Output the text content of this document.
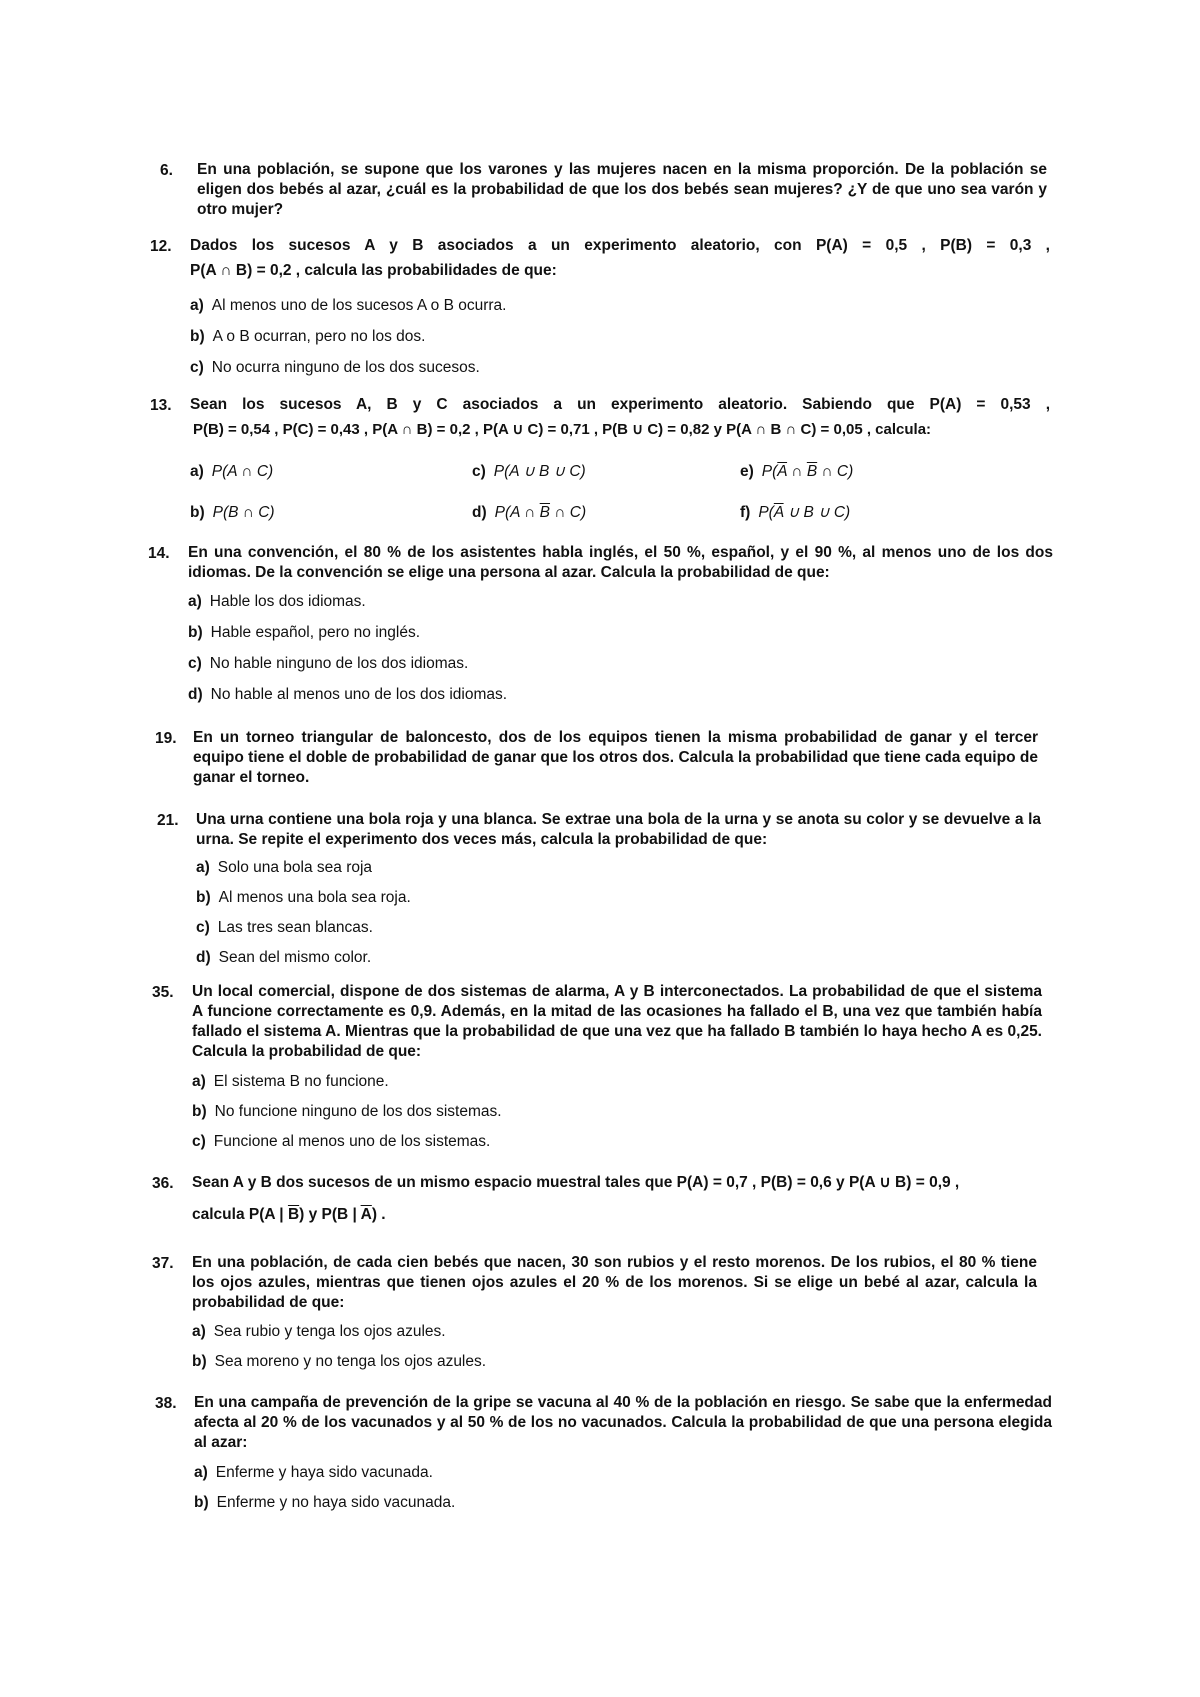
6. En una población, se supone que los varones y las mujeres nacen en la misma proporción. De la población se eligen dos bebés al azar, ¿cuál es la probabilidad de que los dos bebés sean mujeres? ¿Y de que uno sea varón y otro mujer?
12. Dados los sucesos A y B asociados a un experimento aleatorio, con P(A) = 0,5 , P(B) = 0,3 ,
P(A ∩ B) = 0,2 , calcula las probabilidades de que:
a) Al menos uno de los sucesos A o B ocurra.
b) A o B ocurran, pero no los dos.
c) No ocurra ninguno de los dos sucesos.
13. Sean los sucesos A, B y C asociados a un experimento aleatorio. Sabiendo que P(A) = 0,53 ,
P(B) = 0,54 , P(C) = 0,43 , P(A ∩ B) = 0,2 , P(A ∪ C) = 0,71 , P(B ∪ C) = 0,82 y P(A ∩ B ∩ C) = 0,05 , calcula:
a) P(A ∩ C)	c) P(A ∪ B ∪ C)	e) $P(\overline{A}$ ∩ $\overline{B}$ ∩ C)
b) P(B ∩ C)	d) P(A ∩ $\overline{B}$ ∩ C)	f) $P(\overline{A}$ ∪ B ∪ C)
14. En una convención, el 80 % de los asistentes habla inglés, el 50 %, español, y el 90 %, al menos uno de los dos idiomas. De la convención se elige una persona al azar. Calcula la probabilidad de que:
a) Hable los dos idiomas.
b) Hable español, pero no inglés.
c) No hable ninguno de los dos idiomas.
d) No hable al menos uno de los dos idiomas.
19. En un torneo triangular de baloncesto, dos de los equipos tienen la misma probabilidad de ganar y el tercer equipo tiene el doble de probabilidad de ganar que los otros dos. Calcula la probabilidad que tiene cada equipo de ganar el torneo.
21. Una urna contiene una bola roja y una blanca. Se extrae una bola de la urna y se anota su color y se devuelve a la urna. Se repite el experimento dos veces más, calcula la probabilidad de que:
a) Solo una bola sea roja
b) Al menos una bola sea roja.
c) Las tres sean blancas.
d) Sean del mismo color.
35. Un local comercial, dispone de dos sistemas de alarma, A y B interconectados. La probabilidad de que el sistema A funcione correctamente es 0,9. Además, en la mitad de las ocasiones ha fallado el B, una vez que también había fallado el sistema A. Mientras que la probabilidad de que una vez que ha fallado B también lo haya hecho A es 0,25. Calcula la probabilidad de que:
a) El sistema B no funcione.
b) No funcione ninguno de los dos sistemas.
c) Funcione al menos uno de los sistemas.
36. Sean A y B dos sucesos de un mismo espacio muestral tales que P(A) = 0,7 , P(B) = 0,6 y P(A ∪ B) = 0,9 ,
calcula P(A | $\overline{B}$) y P(B | $\overline{A}$) .
37. En una población, de cada cien bebés que nacen, 30 son rubios y el resto morenos. De los rubios, el 80 % tiene los ojos azules, mientras que tienen ojos azules el 20 % de los morenos. Si se elige un bebé al azar, calcula la probabilidad de que:
a) Sea rubio y tenga los ojos azules.
b) Sea moreno y no tenga los ojos azules.
38. En una campaña de prevención de la gripe se vacuna al 40 % de la población en riesgo. Se sabe que la enfermedad afecta al 20 % de los vacunados y al 50 % de los no vacunados. Calcula la probabilidad de que una persona elegida al azar:
a) Enferme y haya sido vacunada.
b) Enferme y no haya sido vacunada.
